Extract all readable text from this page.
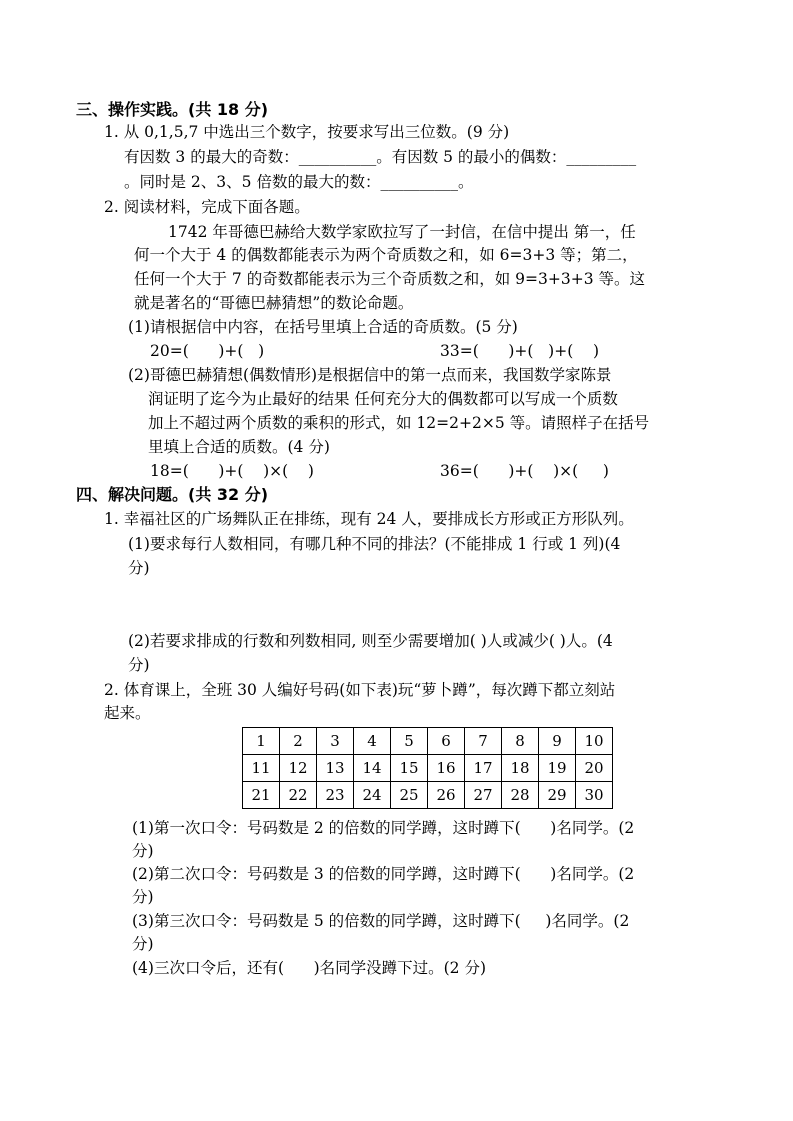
三、操作实践。(共 18 分)
1. 从 0,1,5,7 中选出三个数字，按要求写出三位数。(9 分)
有因数 3 的最大的奇数：__________。有因数 5 的最小的偶数：_________
。同时是 2、3、5 倍数的最大的数：__________。
2. 阅读材料，完成下面各题。
1742 年哥德巴赫给大数学家欧拉写了一封信，在信中提出 第一，任
何一个大于 4 的偶数都能表示为两个奇质数之和，如 6=3+3 等；第二，
任何一个大于 7 的奇数都能表示为三个奇质数之和，如 9=3+3+3 等。这
就是著名的“哥德巴赫猜想”的数论命题。
(1)请根据信中内容，在括号里填上合适的奇质数。(5 分)
20=(      )+(   )	33=(      )+(   )+(    )
(2)哥德巴赫猜想(偶数情形)是根据信中的第一点而来，我国数学家陈景
润证明了迄今为止最好的结果 任何充分大的偶数都可以写成一个质数
加上不超过两个质数的乘积的形式，如 12=2+2×5 等。请照样子在括号
里填上合适的质数。(4 分)
18=(      )+(    )×(    )	36=(      )+(    )×(     )
四、解决问题。(共 32 分)
1. 幸福社区的广场舞队正在排练，现有 24 人，要排成长方形或正方形队列。
(1)要求每行人数相同，有哪几种不同的排法？(不能排成 1 行或 1 列)(4
分)
(2)若要求排成的行数和列数相同, 则至少需要增加( )人或减少( )人。(4
分)
2. 体育课上，全班 30 人编好号码(如下表)玩“萝卜蹲”，每次蹲下都立刻站
起来。
1	2	3	4	5	6	7	8	9	10
11	12	13	14	15	16	17	18	19	20
21	22	23	24	25	26	27	28	29	30
(1)第一次口令：号码数是 2 的倍数的同学蹲，这时蹲下(      )名同学。(2
分)
(2)第二次口令：号码数是 3 的倍数的同学蹲，这时蹲下(      )名同学。(2
分)
(3)第三次口令：号码数是 5 的倍数的同学蹲，这时蹲下(     )名同学。(2
分)
(4)三次口令后，还有(      )名同学没蹲下过。(2 分)
